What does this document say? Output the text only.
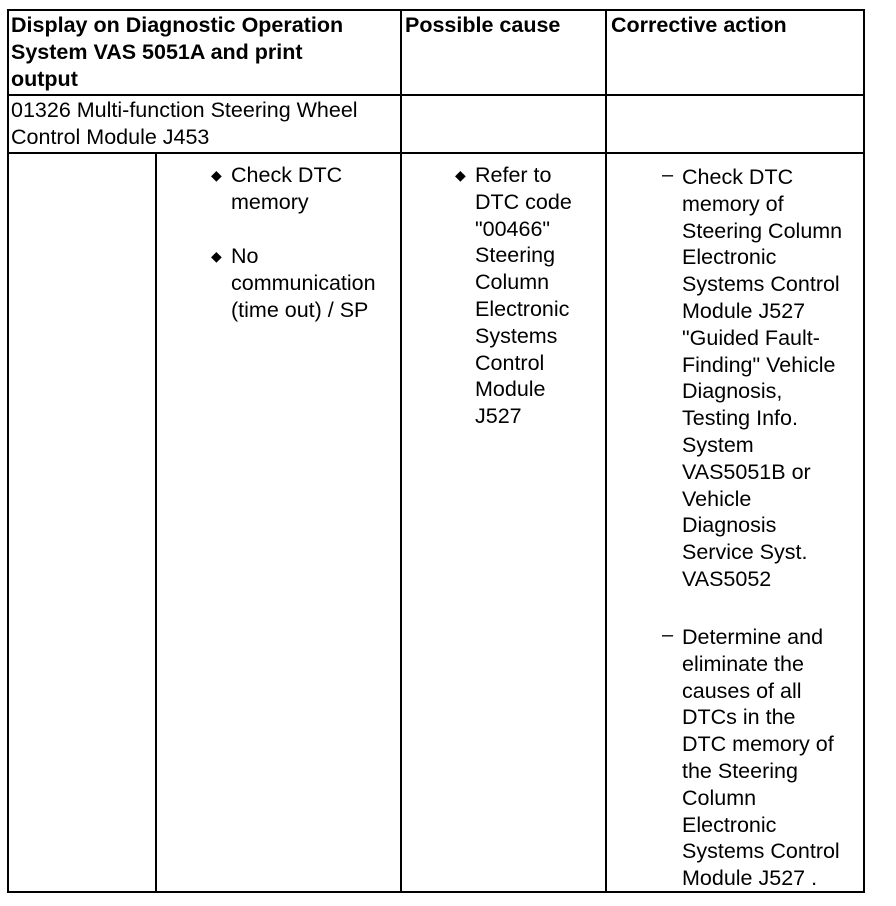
Display on Diagnostic Operation
System VAS 5051A and print
output
Possible cause Corrective action
01326 Multi-function Steering Wheel
Control Module J453
◆ Check DTC
memory
◆ No
communication
(time out) / SP
◆ Refer to
DTC code
"00466"
Steering
Column
Electronic
Systems
Control
Module
J527
– Check DTC
memory of
Steering Column
Electronic
Systems Control
Module J527
"Guided Fault-
Finding" Vehicle
Diagnosis,
Testing Info.
System
VAS5051B or
Vehicle
Diagnosis
Service Syst.
VAS5052
– Determine and
eliminate the
causes of all
DTCs in the
DTC memory of
the Steering
Column
Electronic
Systems Control
Module J527 .
